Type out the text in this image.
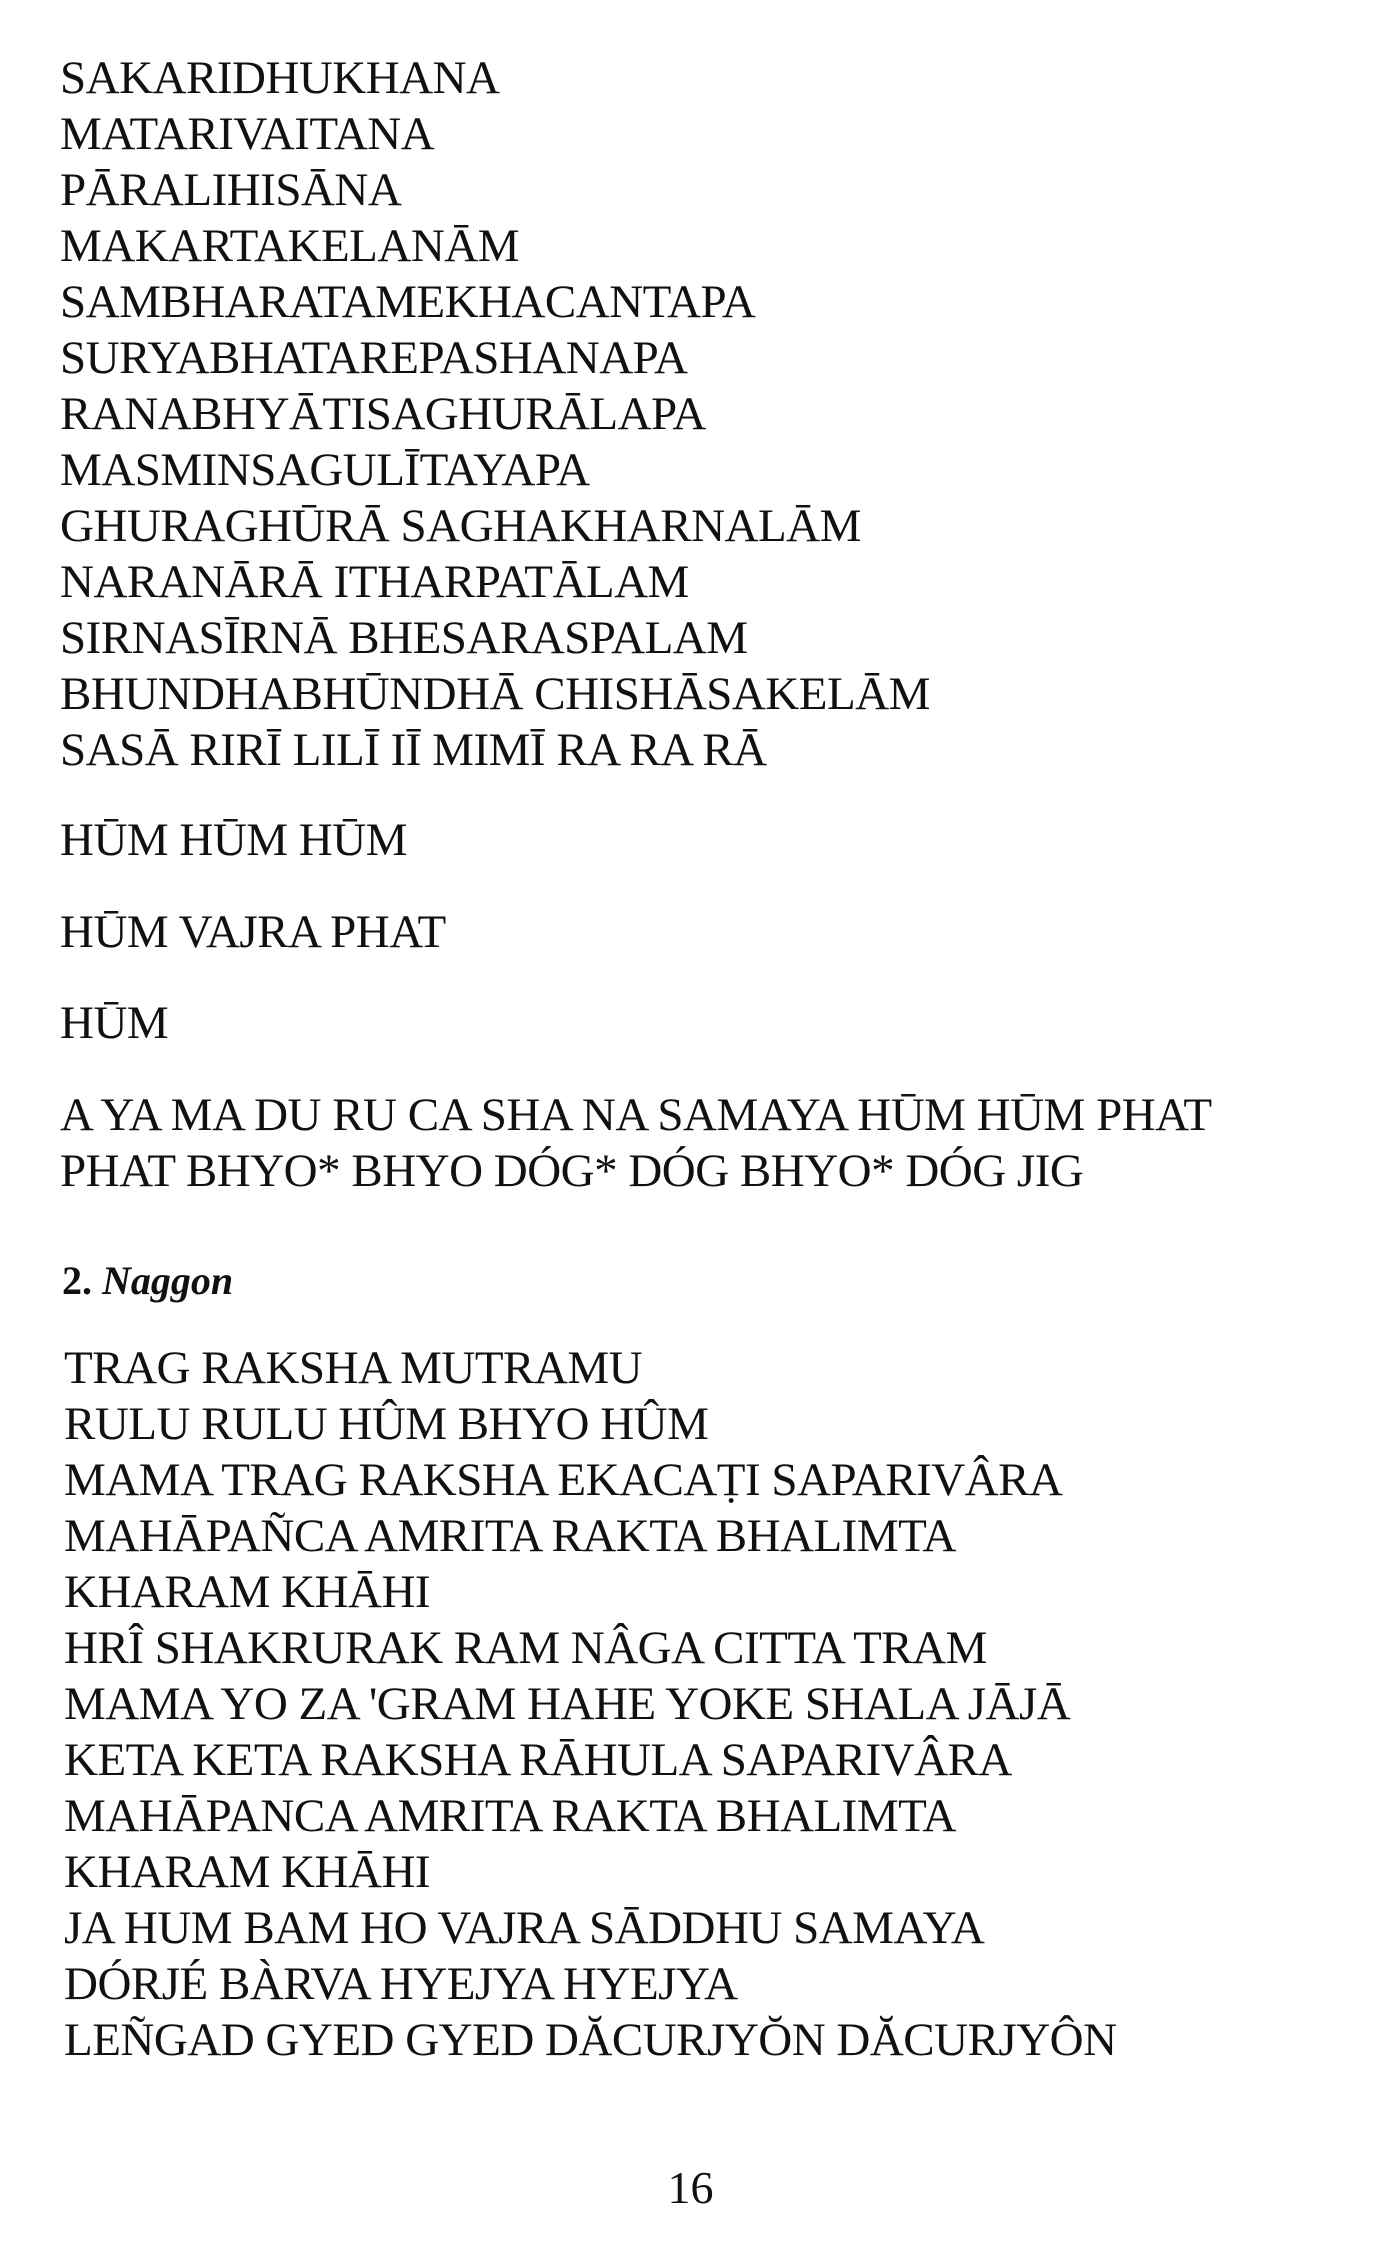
SAKARIDHUKHANA
MATARIVAITANA
PĀRALIHISĀNA
MAKARTAKELANĀM
SAMBHARATAMEKHACANTAPA
SURYABHATAREPASHANAPA
RANABHYĀTISAGHURĀLAPA
MASMINSAGULĪTAYAPA
GHURAGHŪRĀ SAGHAKHARNALĀM
NARANĀRĀ ITHARPATĀLAM
SIRNASĪRNĀ BHESARASPALAM
BHUNDHABHŪNDHĀ CHISHĀSAKELĀM
SASĀ RIRĪ LILĪ IĪ MIMĪ RA RA RĀ
HŪM HŪM HŪM
HŪM VAJRA PHAT
HŪM
A YA MA DU RU CA SHA NA SAMAYA HŪM HŪM PHAT
PHAT BHYO* BHYO DÓG* DÓG BHYO* DÓG JIG
2. Naggon
TRAG RAKSHA MUTRAMU
RULU RULU HÛM BHYO HÛM
MAMA TRAG RAKSHA EKACAṬI SAPARIVÂRA
MAHĀPAÑCA AMRITA RAKTA BHALIMTA
KHARAM KHĀHI
HRÎ SHAKRURAK RAM NÂGA CITTA TRAM
MAMA YO ZA 'GRAM HAHE YOKE SHALA JĀJĀ
KETA KETA RAKSHA RĀHULA SAPARIVÂRA
MAHĀPANCA AMRITA RAKTA BHALIMTA
KHARAM KHĀHI
JA HUM BAM HO VAJRA SĀDDHU SAMAYA
DÓRJÉ BÀRVA HYEJYA HYEJYA
LEÑGAD GYED GYED DĂCURJYŎN DĂCURJYÔN
16
